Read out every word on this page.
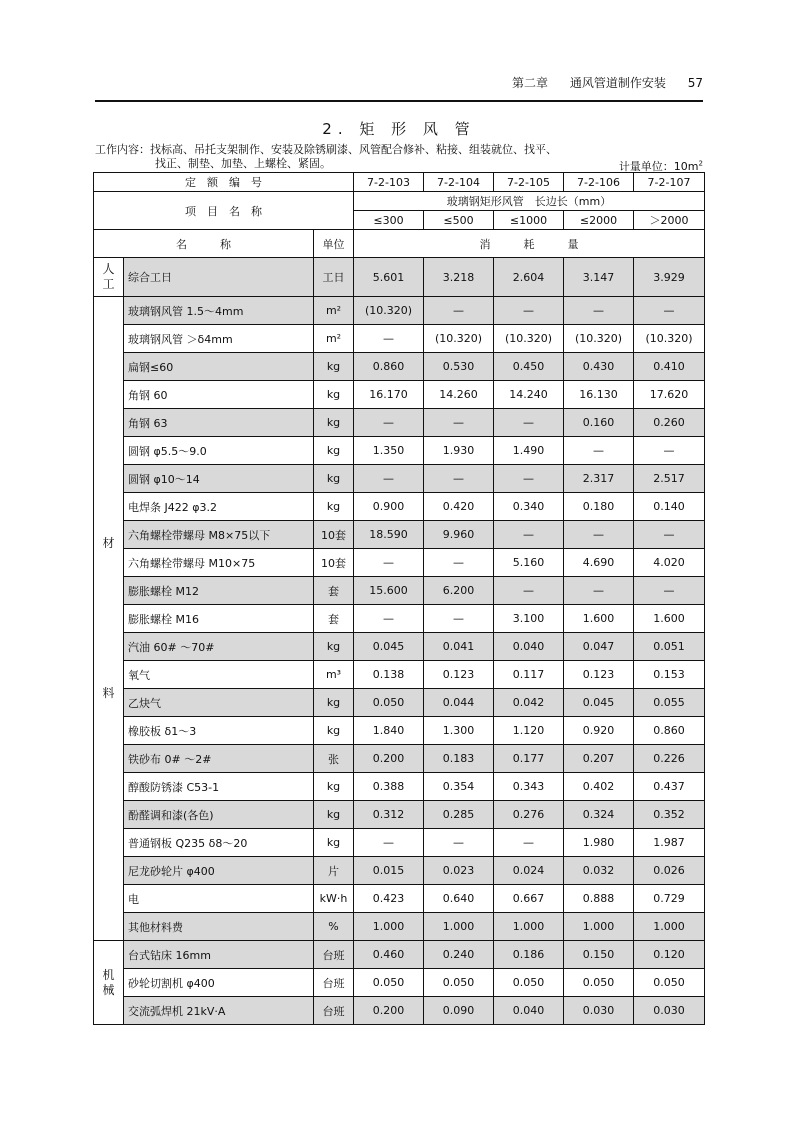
第二章 通风管道制作安装 57
2. 矩 形 风 管
工作内容：找标高、吊托支架制作、安装及除锈刷漆、风管配合修补、粘接、组装就位、找平、
找正、制垫、加垫、上螺栓、紧固。	计量单位：$10m^2$
定　额　编　号			7-2-103	7-2-104	7-2-105	7-2-106	7-2-107
项　目　名　称			玻璃钢矩形风管　长边长（mm）				
			≤300	≤500	≤1000	≤2000	＞2000
名　　　称		单位	消　　　耗　　　量				
人
工	综合工日	工日	5.601	3.218	2.604	3.147	3.929
材

料	玻璃钢风管 1.5～4mm	m²	(10.320)	—	—	—	—
	玻璃钢风管 ＞δ4mm	m²	—	(10.320)	(10.320)	(10.320)	(10.320)
	扁钢≤60	kg	0.860	0.530	0.450	0.430	0.410
	角钢 60	kg	16.170	14.260	14.240	16.130	17.620
	角钢 63	kg	—	—	—	0.160	0.260
	圆钢 φ5.5～9.0	kg	1.350	1.930	1.490	—	—
	圆钢 φ10～14	kg	—	—	—	2.317	2.517
	电焊条 J422 φ3.2	kg	0.900	0.420	0.340	0.180	0.140
	六角螺栓带螺母 M8×75以下	10套	18.590	9.960	—	—	—
	六角螺栓带螺母 M10×75	10套	—	—	5.160	4.690	4.020
	膨胀螺栓 M12	套	15.600	6.200	—	—	—
	膨胀螺栓 M16	套	—	—	3.100	1.600	1.600
	汽油 60# ～70#	kg	0.045	0.041	0.040	0.047	0.051
	氧气	m³	0.138	0.123	0.117	0.123	0.153
	乙炔气	kg	0.050	0.044	0.042	0.045	0.055
	橡胶板 δ1～3	kg	1.840	1.300	1.120	0.920	0.860
	铁砂布 0# ～2#	张	0.200	0.183	0.177	0.207	0.226
	醇酸防锈漆 C53-1	kg	0.388	0.354	0.343	0.402	0.437
	酚醛调和漆(各色)	kg	0.312	0.285	0.276	0.324	0.352
	普通钢板 Q235 δ8～20	kg	—	—	—	1.980	1.987
	尼龙砂轮片 φ400	片	0.015	0.023	0.024	0.032	0.026
	电	kW·h	0.423	0.640	0.667	0.888	0.729
	其他材料费	%	1.000	1.000	1.000	1.000	1.000
机
械	台式钻床 16mm	台班	0.460	0.240	0.186	0.150	0.120
	砂轮切割机 φ400	台班	0.050	0.050	0.050	0.050	0.050
	交流弧焊机 21kV·A	台班	0.200	0.090	0.040	0.030	0.030
